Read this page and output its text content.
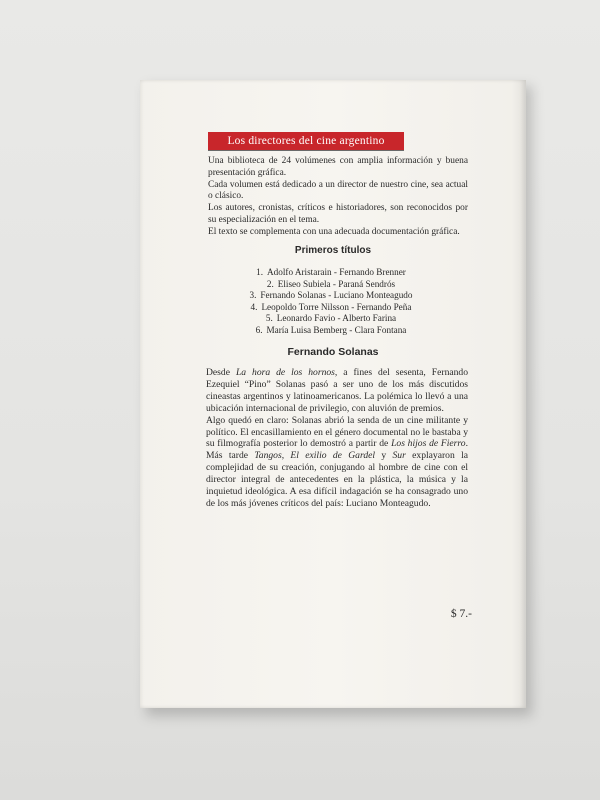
Los directores del cine argentino

Una biblioteca de 24 volúmenes con amplia información y buena presentación gráfica.

Cada volumen está dedicado a un director de nuestro cine, sea actual o clásico.

Los autores, cronistas, críticos e historiadores, son reconocidos por su especialización en el tema.

El texto se complementa con una adecuada documentación gráfica.

Primeros títulos
1. Adolfo Aristarain - Fernando Brenner
2. Eliseo Subiela - Paraná Sendrós
3. Fernando Solanas - Luciano Monteagudo
4. Leopoldo Torre Nilsson - Fernando Peña
5. Leonardo Favio - Alberto Farina
6. María Luisa Bemberg - Clara Fontana
Fernando Solanas

Desde La hora de los hornos, a fines del sesenta, Fernando Ezequiel “Pino” Solanas pasó a ser uno de los más discutidos cineastas argentinos y latinoamericanos. La polémica lo llevó a una ubicación internacional de privilegio, con aluvión de premios.

Algo quedó en claro: Solanas abrió la senda de un cine militante y político. El encasillamiento en el género documental no le bastaba y su filmografía posterior lo demostró a partir de Los hijos de Fierro. Más tarde Tangos, El exilio de Gardel y Sur explayaron la complejidad de su creación, conjugando al hombre de cine con el director integral de antecedentes en la plástica, la música y la inquietud ideológica. A esa difícil indagación se ha consagrado uno de los más jóvenes críticos del país: Luciano Monteagudo.

$ 7.-
